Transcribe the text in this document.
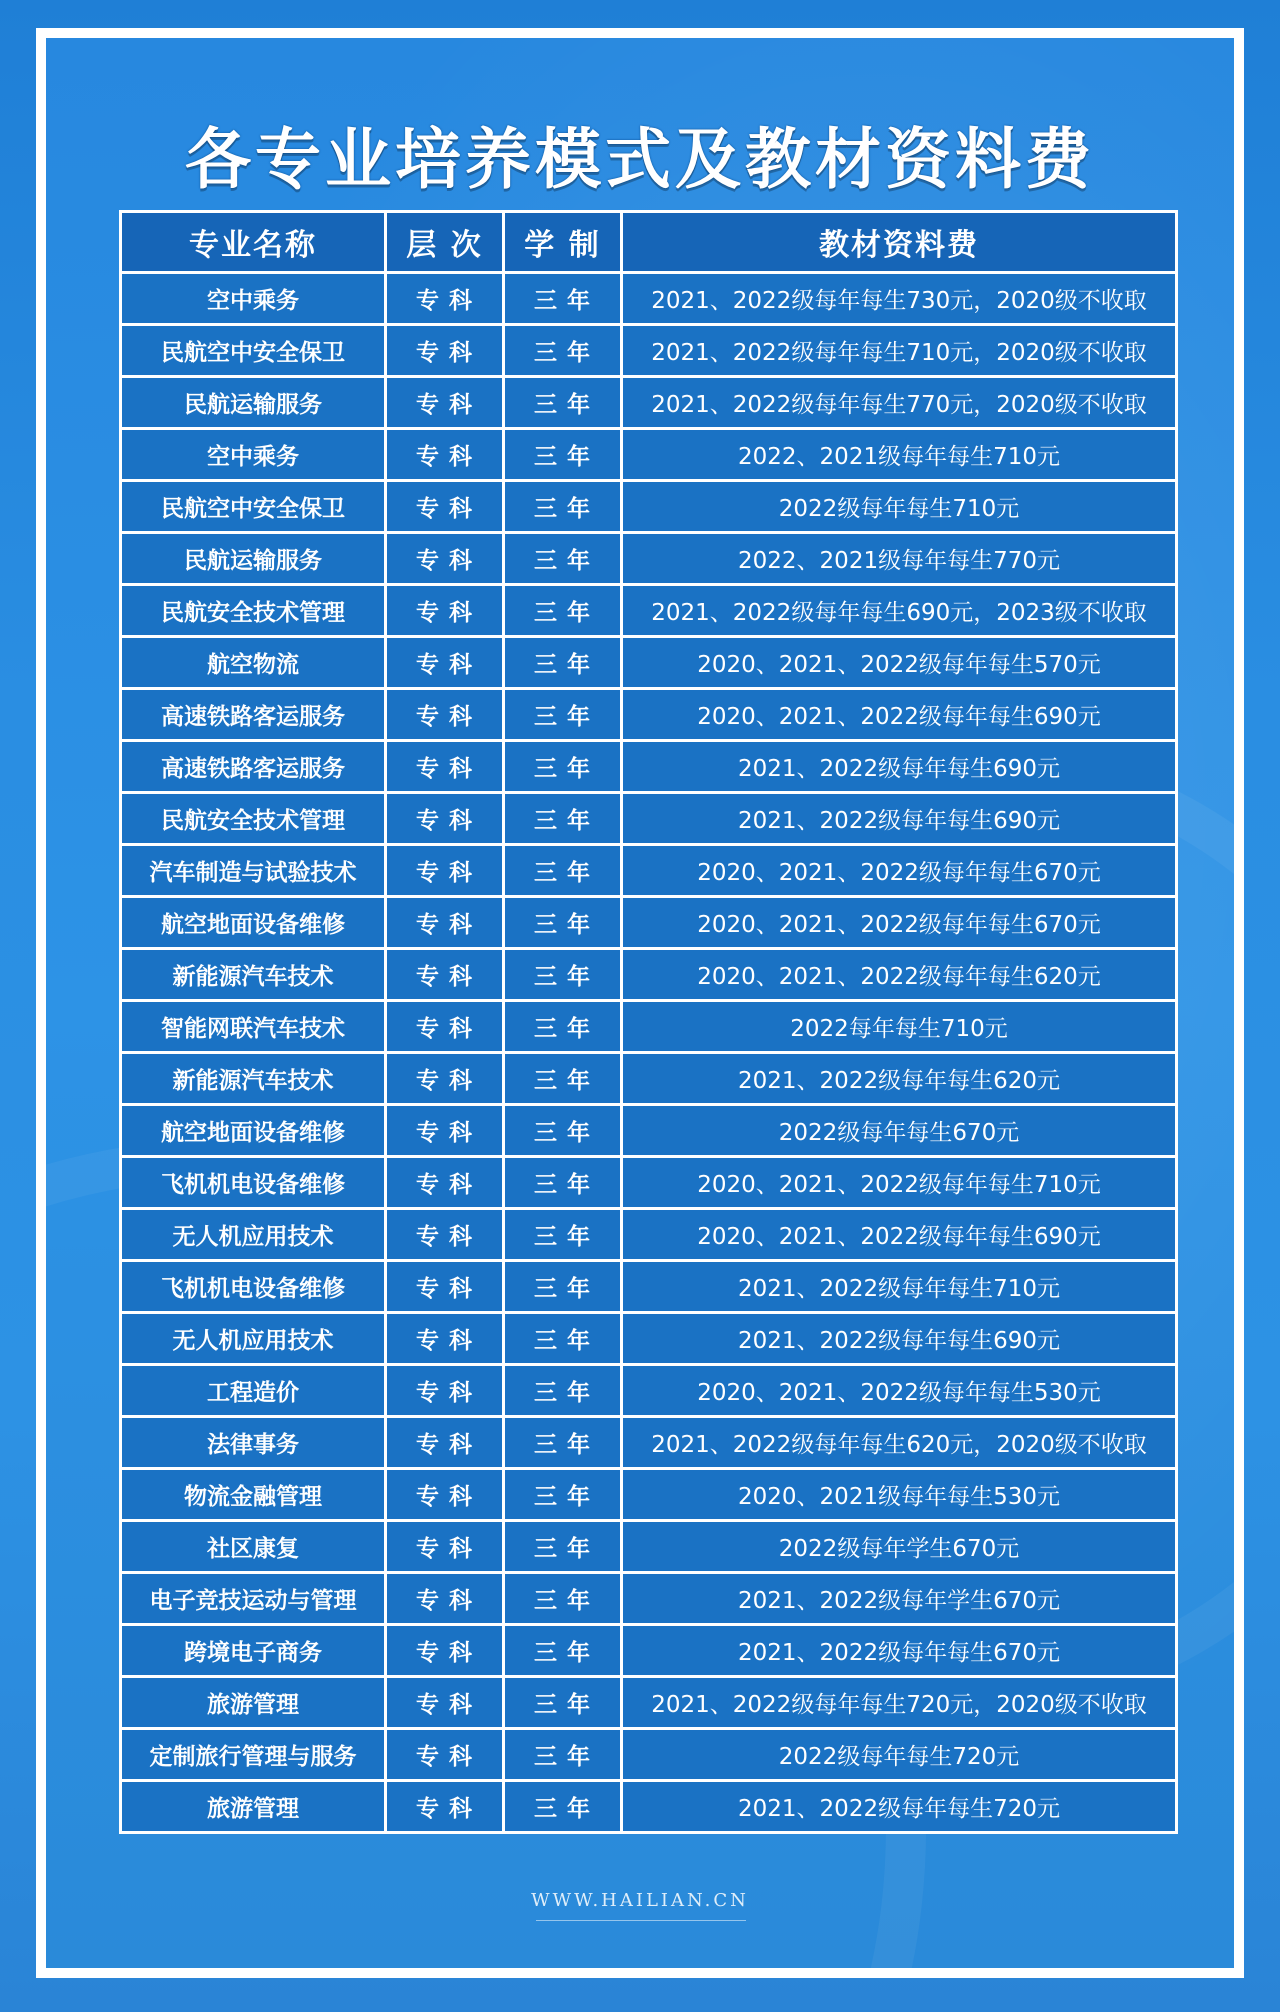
各专业培养模式及教材资料费
专业名称	层 次	学 制	教材资料费
空中乘务	专 科	三 年	2021、2022级每年每生730元，2020级不收取
民航空中安全保卫	专 科	三 年	2021、2022级每年每生710元，2020级不收取
民航运输服务	专 科	三 年	2021、2022级每年每生770元，2020级不收取
空中乘务	专 科	三 年	2022、2021级每年每生710元
民航空中安全保卫	专 科	三 年	2022级每年每生710元
民航运输服务	专 科	三 年	2022、2021级每年每生770元
民航安全技术管理	专 科	三 年	2021、2022级每年每生690元，2023级不收取
航空物流	专 科	三 年	2020、2021、2022级每年每生570元
高速铁路客运服务	专 科	三 年	2020、2021、2022级每年每生690元
高速铁路客运服务	专 科	三 年	2021、2022级每年每生690元
民航安全技术管理	专 科	三 年	2021、2022级每年每生690元
汽车制造与试验技术	专 科	三 年	2020、2021、2022级每年每生670元
航空地面设备维修	专 科	三 年	2020、2021、2022级每年每生670元
新能源汽车技术	专 科	三 年	2020、2021、2022级每年每生620元
智能网联汽车技术	专 科	三 年	2022每年每生710元
新能源汽车技术	专 科	三 年	2021、2022级每年每生620元
航空地面设备维修	专 科	三 年	2022级每年每生670元
飞机机电设备维修	专 科	三 年	2020、2021、2022级每年每生710元
无人机应用技术	专 科	三 年	2020、2021、2022级每年每生690元
飞机机电设备维修	专 科	三 年	2021、2022级每年每生710元
无人机应用技术	专 科	三 年	2021、2022级每年每生690元
工程造价	专 科	三 年	2020、2021、2022级每年每生530元
法律事务	专 科	三 年	2021、2022级每年每生620元，2020级不收取
物流金融管理	专 科	三 年	2020、2021级每年每生530元
社区康复	专 科	三 年	2022级每年学生670元
电子竞技运动与管理	专 科	三 年	2021、2022级每年学生670元
跨境电子商务	专 科	三 年	2021、2022级每年每生670元
旅游管理	专 科	三 年	2021、2022级每年每生720元，2020级不收取
定制旅行管理与服务	专 科	三 年	2022级每年每生720元
旅游管理	专 科	三 年	2021、2022级每年每生720元
WWW.HAILIAN.CN
